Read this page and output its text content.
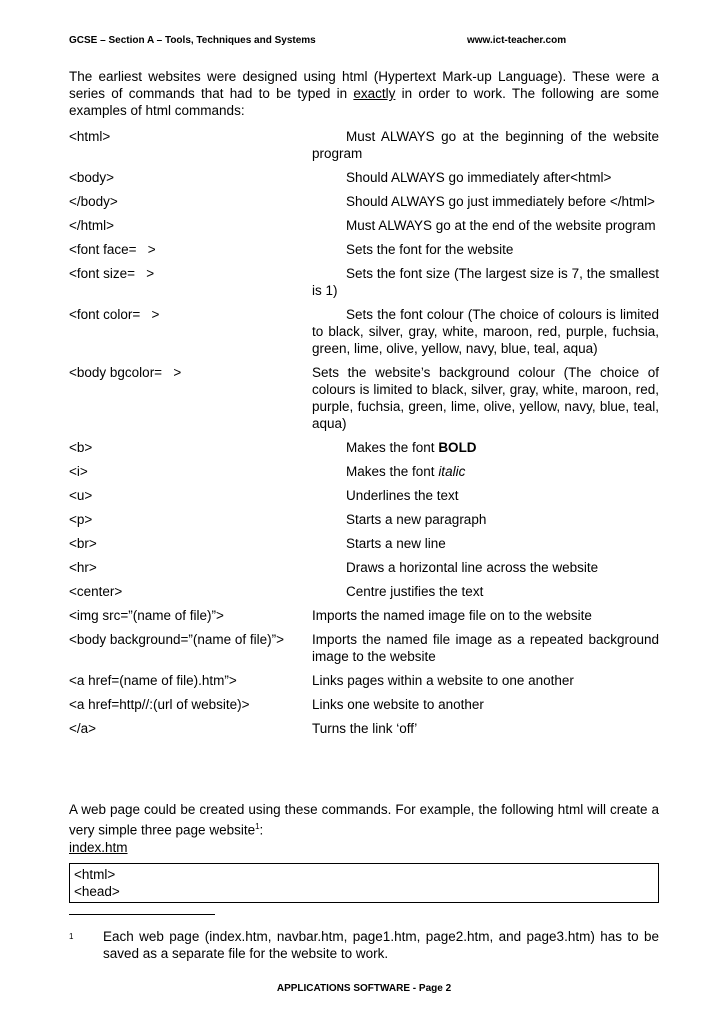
GCSE – Section A – Tools, Techniques and Systems	www.ict-teacher.com

The earliest websites were designed using html (Hypertext Mark-up Language). These were a series of commands that had to be typed in exactly in order to work. The following are some examples of html commands:

<html>	Must ALWAYS go at the beginning of the website program
<body>	Should ALWAYS go immediately after<html>
</body>	Should ALWAYS go just immediately before </html>
</html>	Must ALWAYS go at the end of the website program
<font face=   >	Sets the font for the website
<font size=   >	Sets the font size (The largest size is 7, the smallest is 1)
<font color=   >	Sets the font colour (The choice of colours is limited to black, silver, gray, white, maroon, red, purple, fuchsia, green, lime, olive, yellow, navy, blue, teal, aqua)
<body bgcolor=   >	Sets the website’s background colour (The choice of colours is limited to black, silver, gray, white, maroon, red, purple, fuchsia, green, lime, olive, yellow, navy, blue, teal, aqua)
<b>	Makes the font BOLD
<i>	Makes the font italic
<u>	Underlines the text
<p>	Starts a new paragraph
<br>	Starts a new line
<hr>	Draws a horizontal line across the website
<center>	Centre justifies the text
<img src=”(name of file)”>	Imports the named image file on to the website
<body background=”(name of file)”>	Imports the named file image as a repeated background image to the website
<a href=(name of file).htm”>	Links pages within a website to one another
<a href=http//:(url of website)>	Links one website to another
</a>	Turns the link ‘off’

A web page could be created using these commands. For example, the following html will create a very simple three page website$^1$:

index.htm
<html>
<head>
1 Each web page (index.htm, navbar.htm, page1.htm, page2.htm, and page3.htm) has to be saved as a separate file for the website to work.
APPLICATIONS SOFTWARE - Page 2
